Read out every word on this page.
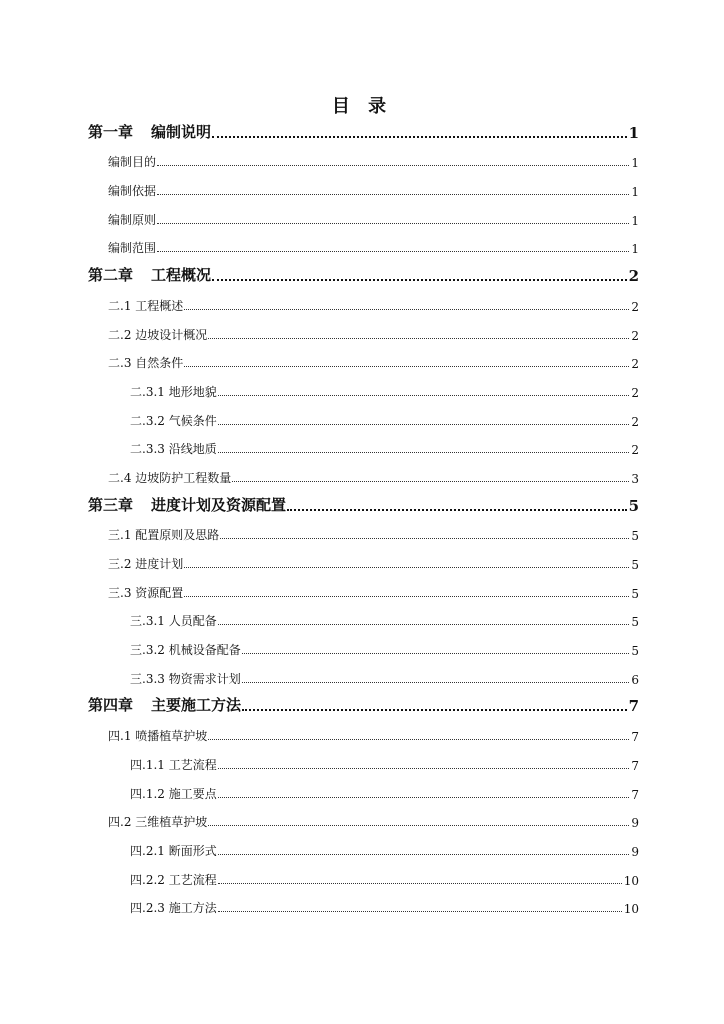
目 录
第一章 编制说明	1
编制目的	1
编制依据	1
编制原则	1
编制范围	1
第二章 工程概况	2
二.1 工程概述	2
二.2 边坡设计概况	2
二.3 自然条件	2
二.3.1 地形地貌	2
二.3.2 气候条件	2
二.3.3 沿线地质	2
二.4 边坡防护工程数量	3
第三章 进度计划及资源配置	5
三.1 配置原则及思路	5
三.2 进度计划	5
三.3 资源配置	5
三.3.1 人员配备	5
三.3.2 机械设备配备	5
三.3.3 物资需求计划	6
第四章 主要施工方法	7
四.1 喷播植草护坡	7
四.1.1 工艺流程	7
四.1.2 施工要点	7
四.2 三维植草护坡	9
四.2.1 断面形式	9
四.2.2 工艺流程	10
四.2.3 施工方法	10
